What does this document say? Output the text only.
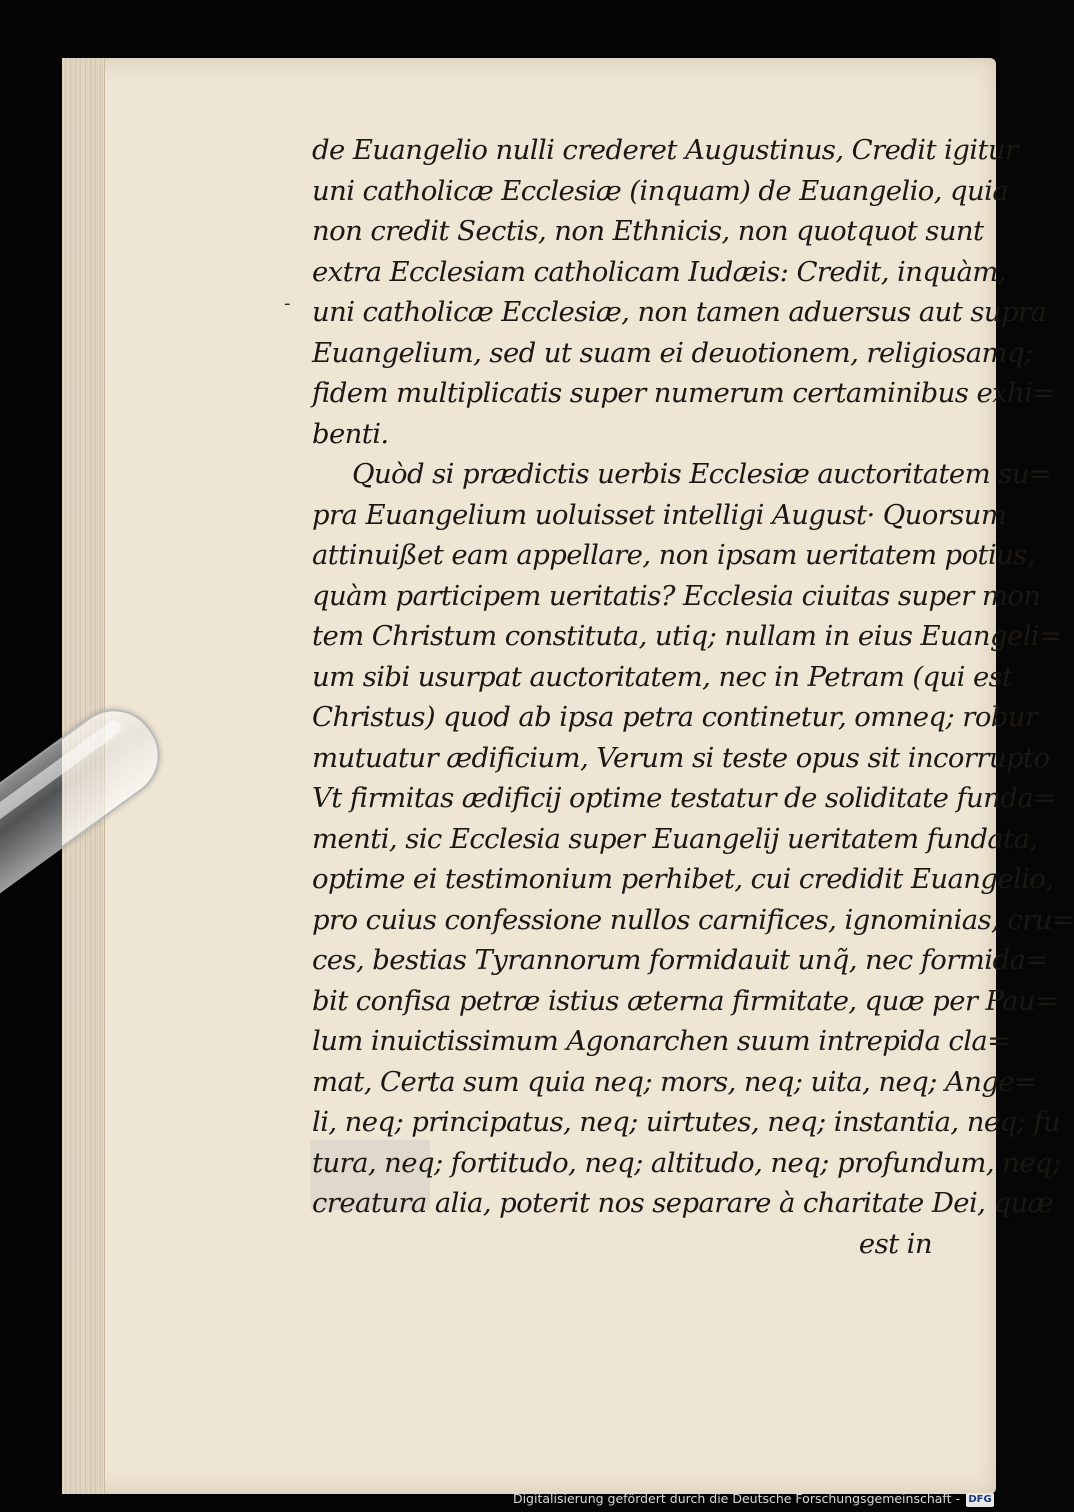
-
de Euangelio nulli crederet Augustinus, Credit igitur
uni catholicæ Ecclesiæ (inquam) de Euangelio, quia
non credit Sectis, non Ethnicis, non quotquot sunt
extra Ecclesiam catholicam Iudæis: Credit, inquàm,
uni catholicæ Ecclesiæ, non tamen aduersus aut supra
Euangelium, sed ut suam ei deuotionem, religiosamq;
fidem multiplicatis super numerum certaminibus exhi=
benti.
Quòd si prædictis uerbis Ecclesiæ auctoritatem su=
pra Euangelium uoluisset intelligi August· Quorsum
attinuißet eam appellare, non ipsam ueritatem potius,
quàm participem ueritatis? Ecclesia ciuitas super mon
tem Christum constituta, utiq; nullam in eius Euangeli=
um sibi usurpat auctoritatem, nec in Petram (qui est
Christus) quod ab ipsa petra continetur, omneq; robur
mutuatur ædificium, Verum si teste opus sit incorrupto
Vt firmitas ædificij optime testatur de soliditate funda=
menti, sic Ecclesia super Euangelij ueritatem fundata,
optime ei testimonium perhibet, cui credidit Euangelio,
pro cuius confessione nullos carnifices, ignominias, cru=
ces, bestias Tyrannorum formidauit unq̃, nec formida=
bit confisa petræ istius æterna firmitate, quæ per Pau=
lum inuictissimum Agonarchen suum intrepida cla=
mat, Certa sum quia neq; mors, neq; uita, neq; Ange=
li, neq; principatus, neq; uirtutes, neq; instantia, neq; fu
tura, neq; fortitudo, neq; altitudo, neq; profundum, neq;
creatura alia, poterit nos separare à charitate Dei, quæ
est in
Digitalisierung gefördert durch die Deutsche Forschungsgemeinschaft - DFG
